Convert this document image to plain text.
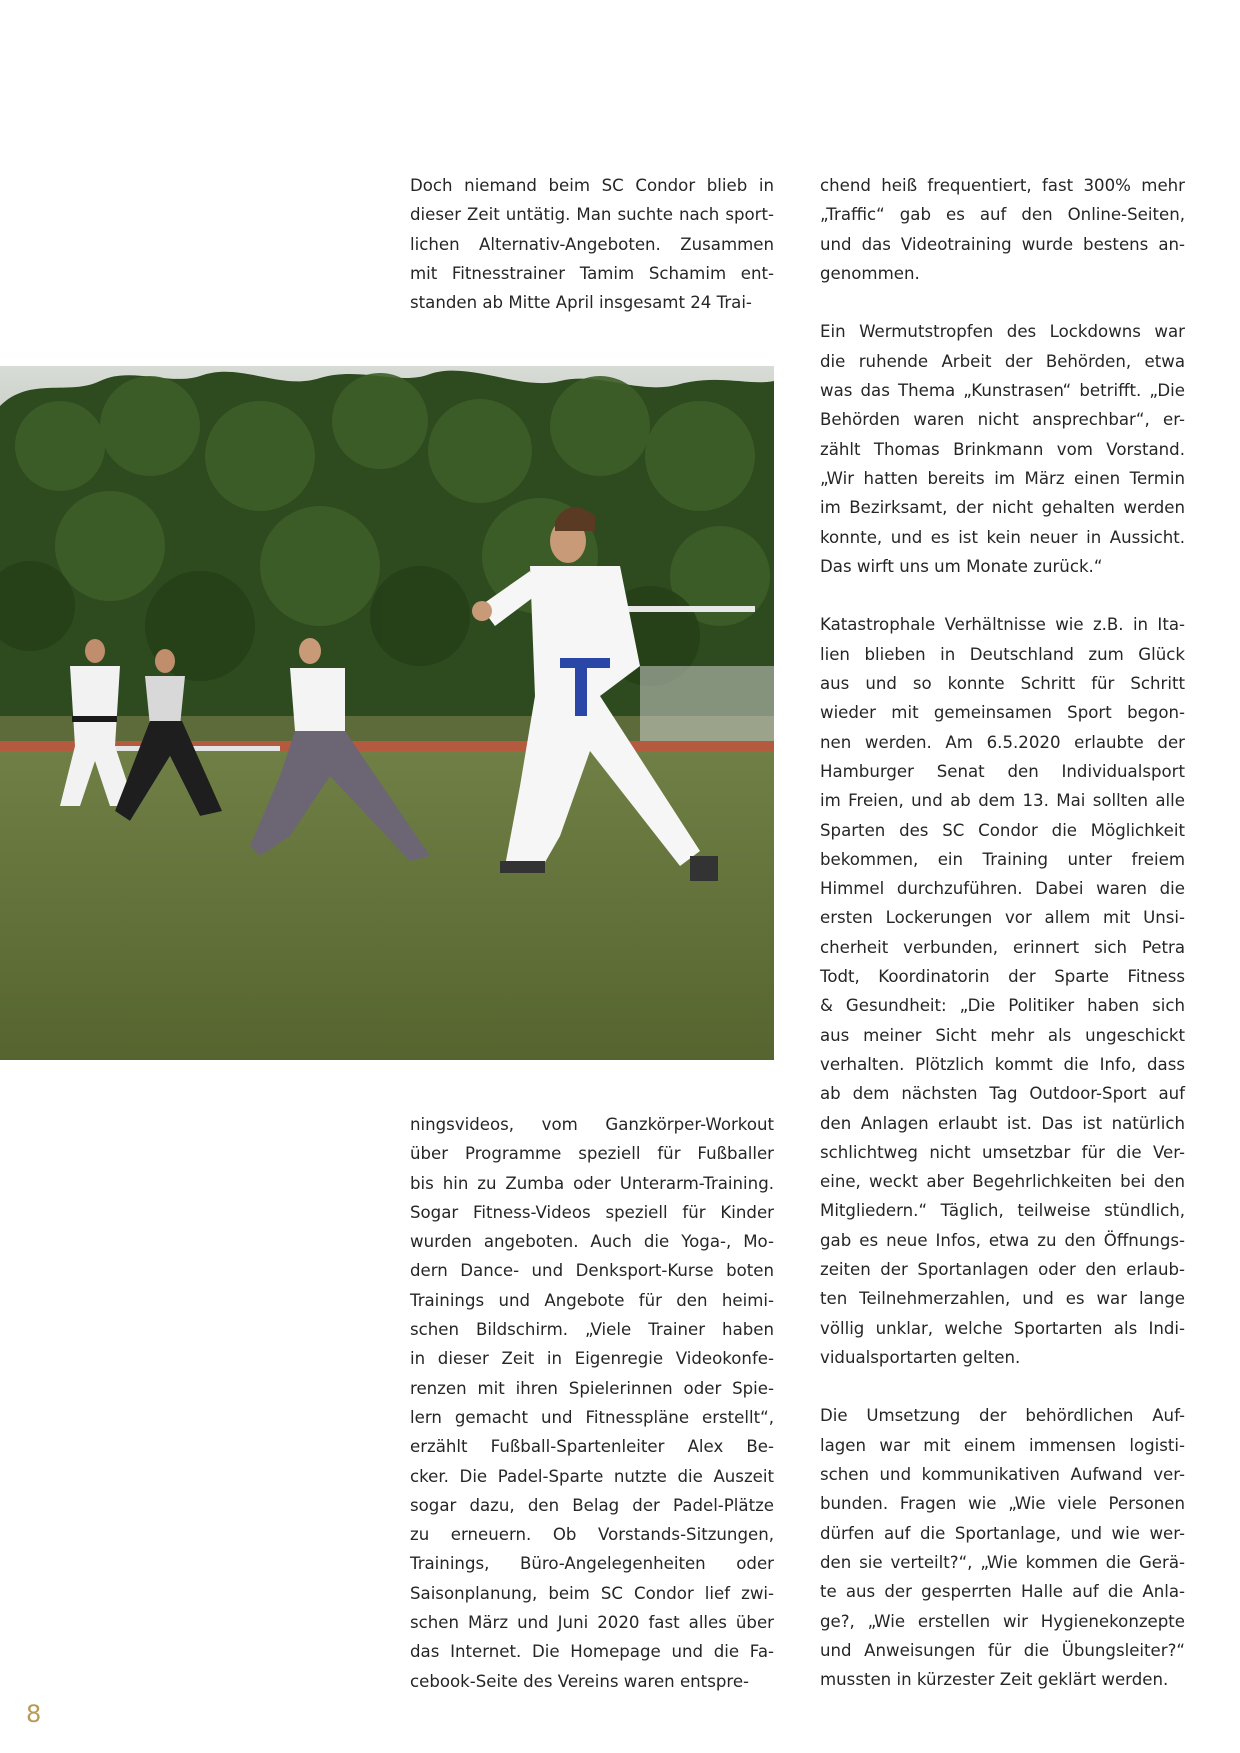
Doch niemand beim SC Condor blieb in
dieser Zeit untätig. Man suchte nach sport-
lichen Alternativ-Angeboten. Zusammen
mit Fitnesstrainer Tamim Schamim ent-
standen ab Mitte April insgesamt 24 Trai-
ningsvideos, vom Ganzkörper-Workout
über Programme speziell für Fußballer
bis hin zu Zumba oder Unterarm-Training.
Sogar Fitness-Videos speziell für Kinder
wurden angeboten. Auch die Yoga-, Mo-
dern Dance- und Denksport-Kurse boten
Trainings und Angebote für den heimi-
schen Bildschirm. „Viele Trainer haben
in dieser Zeit in Eigenregie Videokonfe-
renzen mit ihren Spielerinnen oder Spie-
lern gemacht und Fitnesspläne erstellt“,
erzählt Fußball-Spartenleiter Alex Be-
cker. Die Padel-Sparte nutzte die Auszeit
sogar dazu, den Belag der Padel-Plätze
zu erneuern. Ob Vorstands-Sitzungen,
Trainings, Büro-Angelegenheiten oder
Saisonplanung, beim SC Condor lief zwi-
schen März und Juni 2020 fast alles über
das Internet. Die Homepage und die Fa-
cebook-Seite des Vereins waren entspre-
chend heiß frequentiert, fast 300% mehr
„Traffic“ gab es auf den Online-Seiten,
und das Videotraining wurde bestens an-
genommen.
Ein Wermutstropfen des Lockdowns war
die ruhende Arbeit der Behörden, etwa
was das Thema „Kunstrasen“ betrifft. „Die
Behörden waren nicht ansprechbar“, er-
zählt Thomas Brinkmann vom Vorstand.
„Wir hatten bereits im März einen Termin
im Bezirksamt, der nicht gehalten werden
konnte, und es ist kein neuer in Aussicht.
Das wirft uns um Monate zurück.“
Katastrophale Verhältnisse wie z.B. in Ita-
lien blieben in Deutschland zum Glück
aus und so konnte Schritt für Schritt
wieder mit gemeinsamen Sport begon-
nen werden. Am 6.5.2020 erlaubte der
Hamburger Senat den Individualsport
im Freien, und ab dem 13. Mai sollten alle
Sparten des SC Condor die Möglichkeit
bekommen, ein Training unter freiem
Himmel durchzuführen. Dabei waren die
ersten Lockerungen vor allem mit Unsi-
cherheit verbunden, erinnert sich Petra
Todt, Koordinatorin der Sparte Fitness
& Gesundheit: „Die Politiker haben sich
aus meiner Sicht mehr als ungeschickt
verhalten. Plötzlich kommt die Info, dass
ab dem nächsten Tag Outdoor-Sport auf
den Anlagen erlaubt ist. Das ist natürlich
schlichtweg nicht umsetzbar für die Ver-
eine, weckt aber Begehrlichkeiten bei den
Mitgliedern.“ Täglich, teilweise stündlich,
gab es neue Infos, etwa zu den Öffnungs-
zeiten der Sportanlagen oder den erlaub-
ten Teilnehmerzahlen, und es war lange
völlig unklar, welche Sportarten als Indi-
vidualsportarten gelten.
Die Umsetzung der behördlichen Auf-
lagen war mit einem immensen logisti-
schen und kommunikativen Aufwand ver-
bunden. Fragen wie „Wie viele Personen
dürfen auf die Sportanlage, und wie wer-
den sie verteilt?“, „Wie kommen die Gerä-
te aus der gesperrten Halle auf die Anla-
ge?, „Wie erstellen wir Hygienekonzepte
und Anweisungen für die Übungsleiter?“
mussten in kürzester Zeit geklärt werden.
8
